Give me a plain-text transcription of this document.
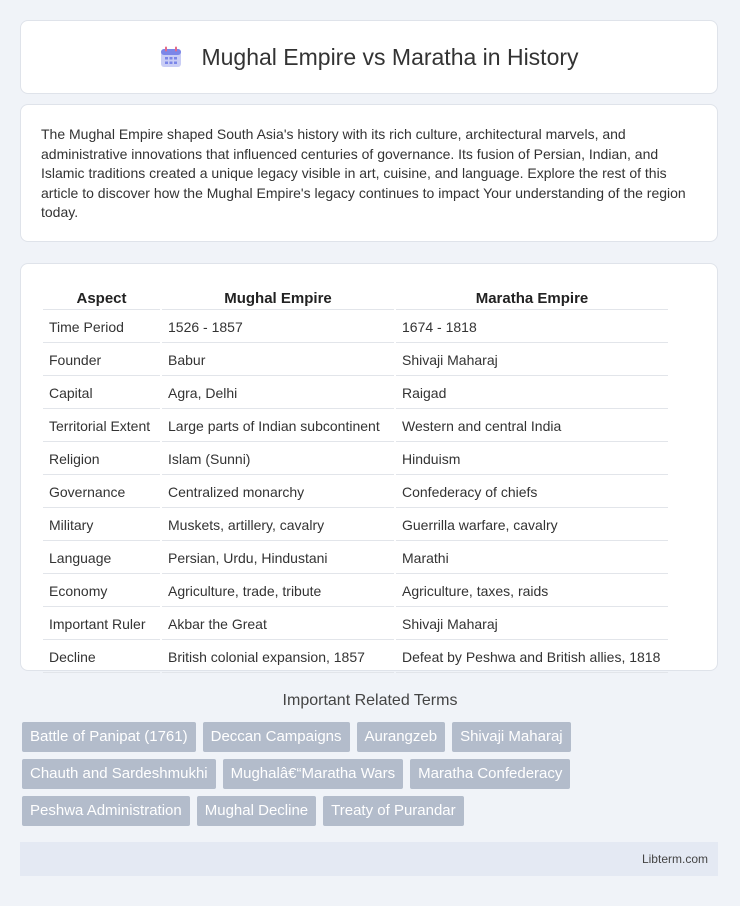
Mughal Empire vs Maratha in History
The Mughal Empire shaped South Asia's history with its rich culture, architectural marvels, and administrative innovations that influenced centuries of governance. Its fusion of Persian, Indian, and Islamic traditions created a unique legacy visible in art, cuisine, and language. Explore the rest of this article to discover how the Mughal Empire's legacy continues to impact Your understanding of the region today.
Aspect	Mughal Empire	Maratha Empire
Time Period	1526 - 1857	1674 - 1818
Founder	Babur	Shivaji Maharaj
Capital	Agra, Delhi	Raigad
Territorial Extent	Large parts of Indian subcontinent	Western and central India
Religion	Islam (Sunni)	Hinduism
Governance	Centralized monarchy	Confederacy of chiefs
Military	Muskets, artillery, cavalry	Guerrilla warfare, cavalry
Language	Persian, Urdu, Hindustani	Marathi
Economy	Agriculture, trade, tribute	Agriculture, taxes, raids
Important Ruler	Akbar the Great	Shivaji Maharaj
Decline	British colonial expansion, 1857	Defeat by Peshwa and British allies, 1818
Important Related Terms
Battle of Panipat (1761)	Deccan Campaigns	Aurangzeb	Shivaji Maharaj
Chauth and Sardeshmukhi	Mughalâ€“Maratha Wars	Maratha Confederacy
Peshwa Administration	Mughal Decline	Treaty of Purandar
Libterm.com
